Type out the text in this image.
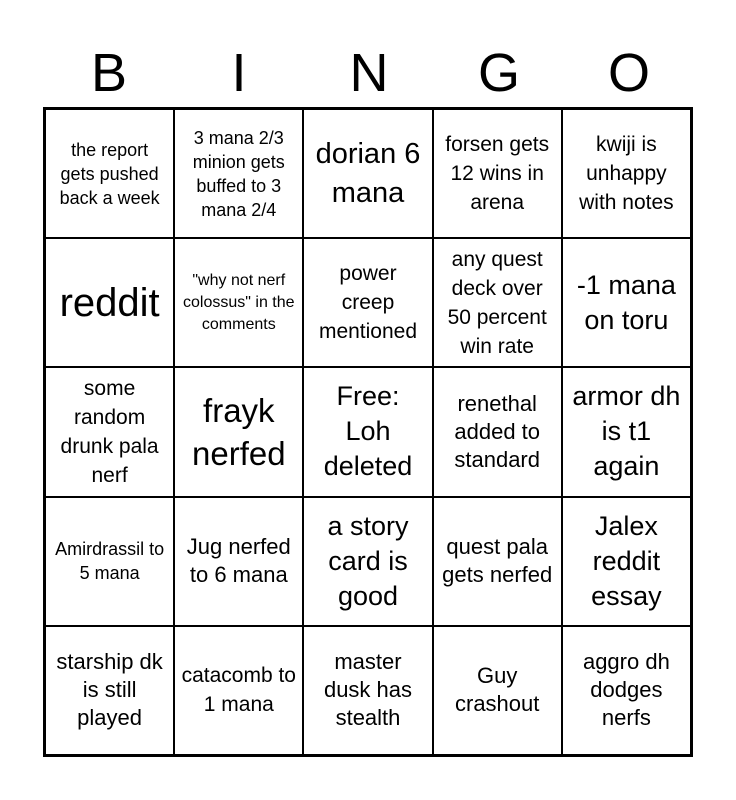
B	I	N	G	O
the report gets pushed back a week
3 mana 2/3 minion gets buffed to 3 mana 2/4
dorian 6 mana
forsen gets 12 wins in arena
kwiji is unhappy with notes
reddit
"why not nerf colossus" in the comments
power creep mentioned
any quest deck over 50 percent win rate
-1 mana on toru
some random drunk pala nerf
frayk nerfed
Free: Loh deleted
renethal added to standard
armor dh is t1 again
Amirdrassil to 5 mana
Jug nerfed to 6 mana
a story card is good
quest pala gets nerfed
Jalex reddit essay
starship dk is still played
catacomb to 1 mana
master dusk has stealth
Guy crashout
aggro dh dodges nerfs
